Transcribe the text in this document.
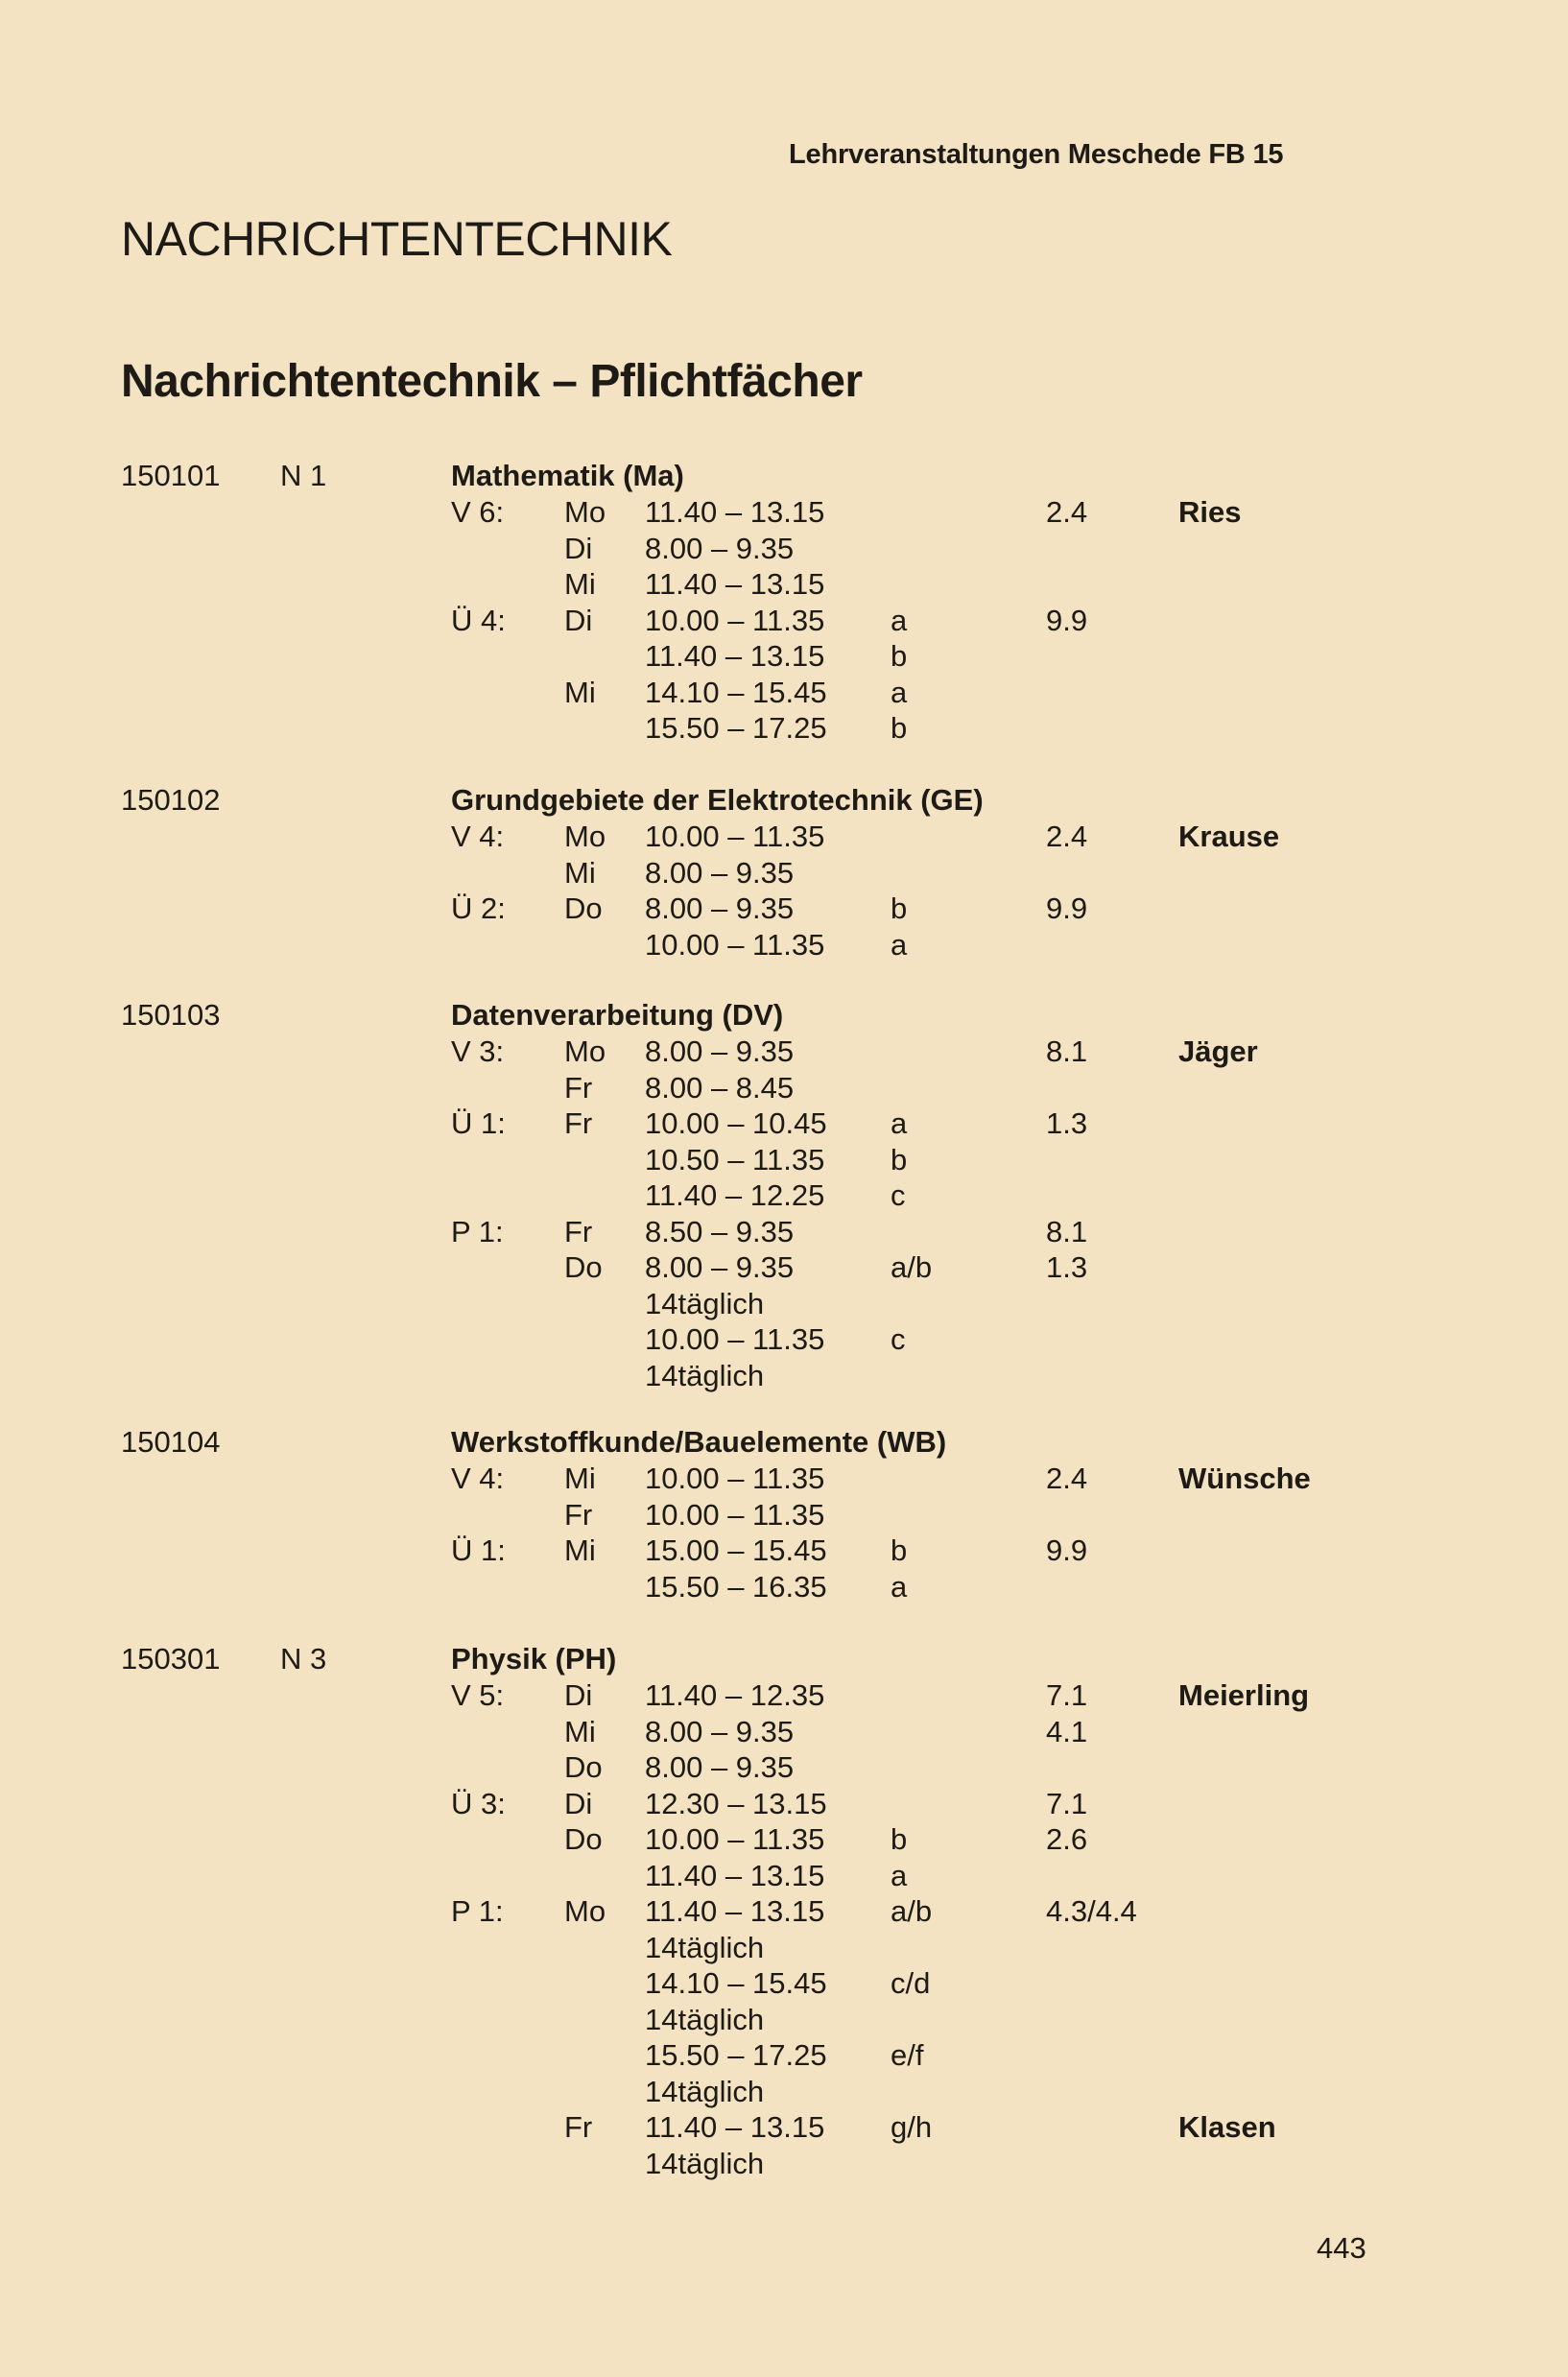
Lehrveranstaltungen Meschede FB 15
NACHRICHTENTECHNIK
Nachrichtentechnik – Pflichtfächer
150101 N 1	Mathematik (Ma)
V 6: Mo 11.40 – 13.15	2.4	Ries
Di 8.00 – 9.35
Mi 11.40 – 13.15
Ü 4: Di 10.00 – 11.35 a	9.9
11.40 – 13.15 b
Mi 14.10 – 15.45 a
15.50 – 17.25 b
150102	Grundgebiete der Elektrotechnik (GE)
V 4: Mo 10.00 – 11.35	2.4	Krause
Mi 8.00 – 9.35
Ü 2: Do 8.00 – 9.35	b	9.9
10.00 – 11.35 a
150103	Datenverarbeitung (DV)
V 3: Mo 8.00 – 9.35	8.1	Jäger
Fr 8.00 – 8.45
Ü 1: Fr 10.00 – 10.45 a	1.3
10.50 – 11.35 b
11.40 – 12.25 c
P 1: Fr 8.50 – 9.35	8.1
Do 8.00 – 9.35	a/b	1.3
14täglich
10.00 – 11.35 c
14täglich
150104	Werkstoffkunde/Bauelemente (WB)
V 4: Mi 10.00 – 11.35	2.4	Wünsche
Fr 10.00 – 11.35
Ü 1: Mi 15.00 – 15.45 b	9.9
15.50 – 16.35 a
150301 N 3	Physik (PH)
V 5: Di 11.40 – 12.35	7.1	Meierling
Mi 8.00 – 9.35	4.1
Do 8.00 – 9.35
Ü 3: Di 12.30 – 13.15	7.1
Do 10.00 – 11.35 b	2.6
11.40 – 13.15 a
P 1: Mo 11.40 – 13.15 a/b	4.3/4.4
14täglich
14.10 – 15.45 c/d
14täglich
15.50 – 17.25 e/f
14täglich
Fr 11.40 – 13.15 g/h	Klasen
14täglich
443
